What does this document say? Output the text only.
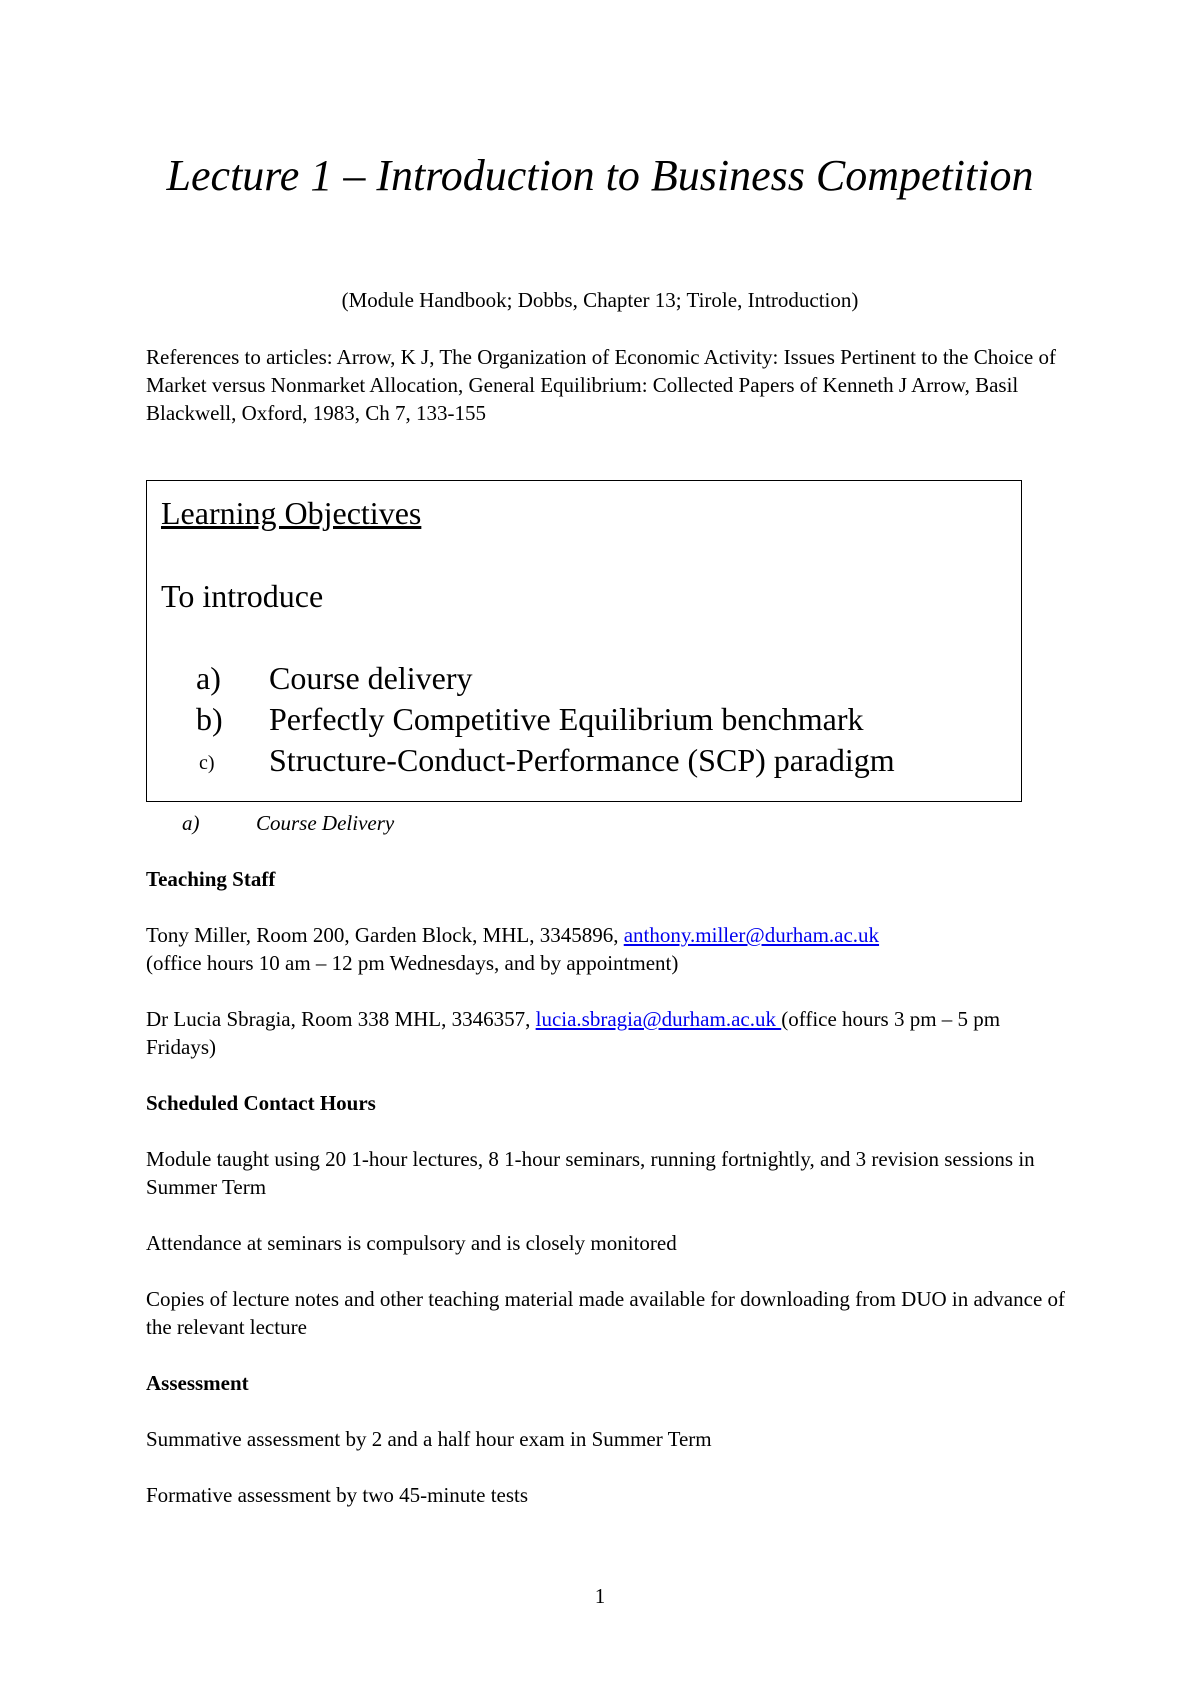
Lecture 1 – Introduction to Business Competition
(Module Handbook; Dobbs, Chapter 13; Tirole, Introduction)
References to articles: Arrow, K J, The Organization of Economic Activity: Issues Pertinent to the Choice of Market versus Nonmarket Allocation, General Equilibrium: Collected Papers of Kenneth J Arrow, Basil Blackwell, Oxford, 1983, Ch 7, 133-155
Learning Objectives
To introduce
a)	Course delivery
b)	Perfectly Competitive Equilibrium benchmark
c)	Structure-Conduct-Performance (SCP) paradigm
a)	Course Delivery
Teaching Staff
Tony Miller, Room 200, Garden Block, MHL, 3345896, anthony.miller@durham.ac.uk
(office hours 10 am – 12 pm Wednesdays, and by appointment)
Dr Lucia Sbragia, Room 338 MHL, 3346357, lucia.sbragia@durham.ac.uk (office hours 3 pm – 5 pm Fridays)
Scheduled Contact Hours
Module taught using 20 1-hour lectures, 8 1-hour seminars, running fortnightly, and 3 revision sessions in Summer Term
Attendance at seminars is compulsory and is closely monitored
Copies of lecture notes and other teaching material made available for downloading from DUO in advance of the relevant lecture
Assessment
Summative assessment by 2 and a half hour exam in Summer Term
Formative assessment by two 45-minute tests
1
